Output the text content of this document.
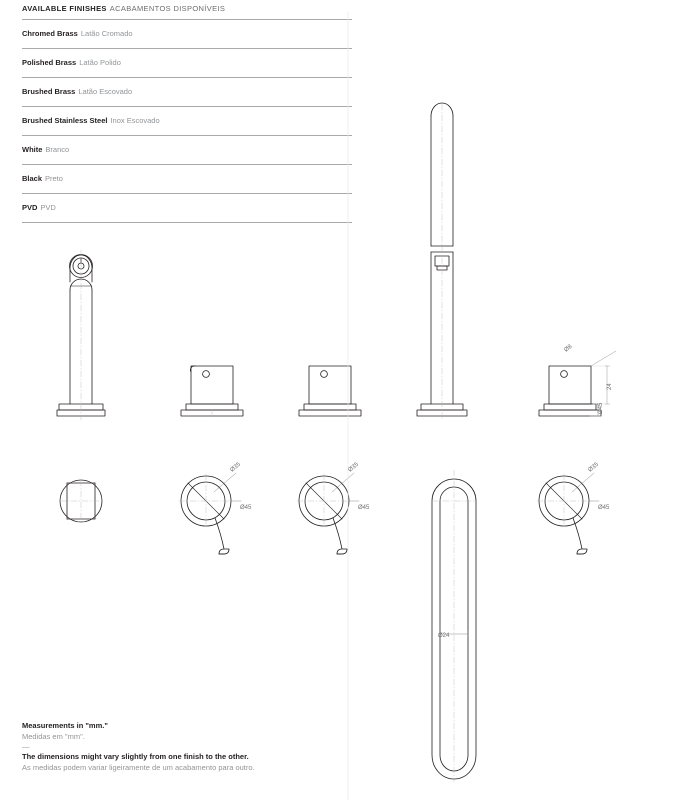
AVAILABLE FINISHES ACABAMENTOS DISPONÍVEIS
Chromed Brass Latão Cromado
Polished Brass Latão Polido
Brushed Brass Latão Escovado
Brushed Stainless Steel Inox Escovado
White Branco
Black Preto
PVD PVD
Ø35
Ø45
Ø35
Ø45
Ø35
Ø45
Ø8
24
Ø45
Ø24
Measurements in "mm."
Medidas em "mm".
—
The dimensions might vary slightly from one finish to the other.
As medidas podem variar ligeiramente de um acabamento para outro.
